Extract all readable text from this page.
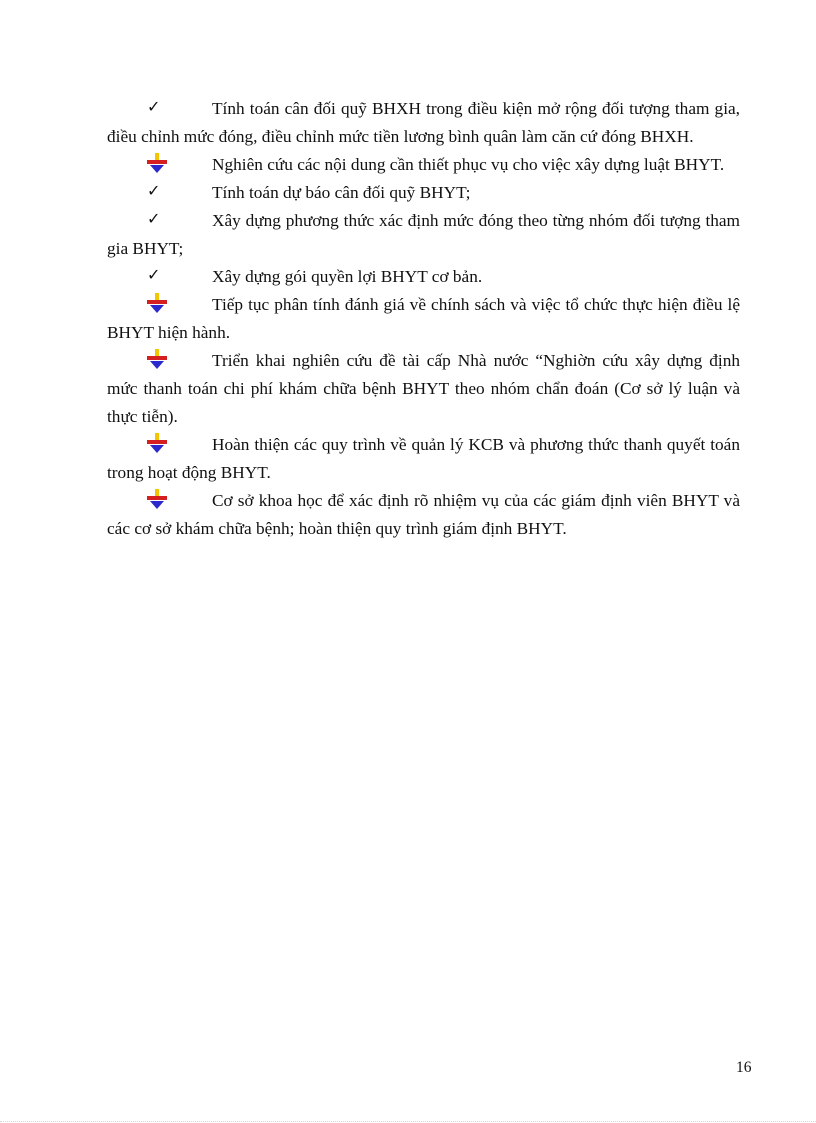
✓	Tính toán cân đối quỹ BHXH trong điều kiện mở rộng đối tượng tham gia, điều chỉnh mức đóng, điều chỉnh mức tiền lương bình quân làm căn cứ đóng BHXH.

Nghiên cứu các nội dung cần thiết phục vụ cho việc xây dựng luật BHYT.

✓	Tính toán dự báo cân đối quỹ BHYT;

✓	Xây dựng phương thức xác định mức đóng theo từng nhóm đối tượng tham gia BHYT;

✓	Xây dựng gói quyền lợi BHYT cơ bản.

Tiếp tục phân tính đánh giá về chính sách và việc tổ chức thực hiện điều lệ BHYT hiện hành.

Triển khai nghiên cứu đề tài cấp Nhà nước “Nghiờn cứu xây dựng định mức thanh toán chi phí khám chữa bệnh BHYT theo nhóm chẩn đoán (Cơ sở lý luận và thực tiễn).

Hoàn thiện các quy trình về quản lý KCB và phương thức thanh quyết toán trong hoạt động BHYT.

Cơ sở khoa học để xác định rõ nhiệm vụ của các giám định viên BHYT và các cơ sở khám chữa bệnh; hoàn thiện quy trình giám định BHYT.

16
